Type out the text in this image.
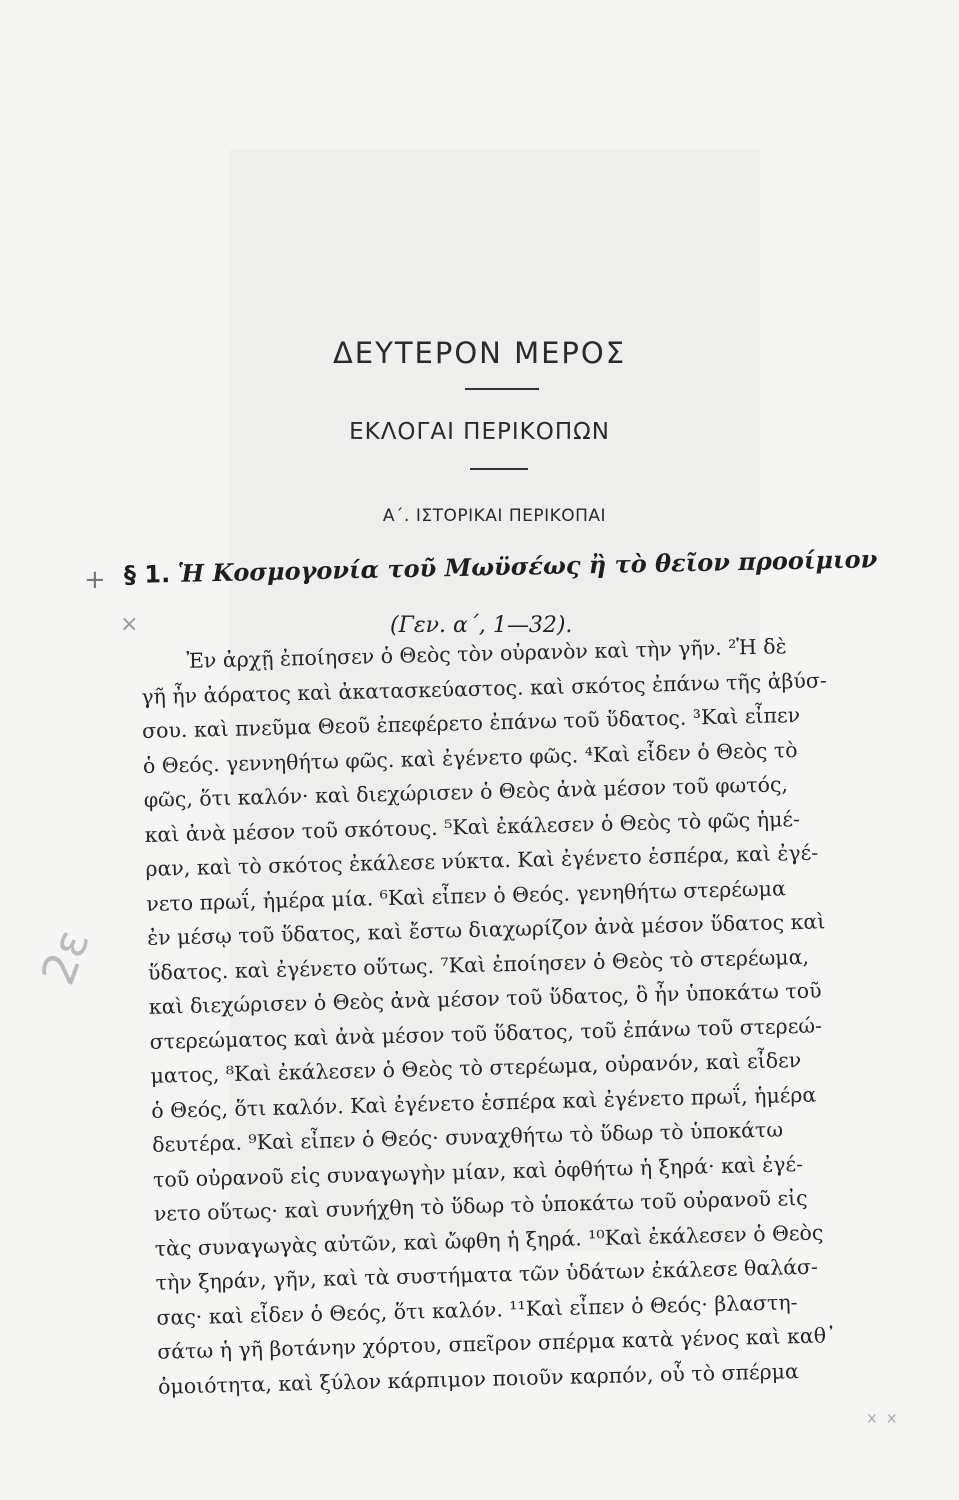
ΔΕΥΤΕΡΟΝ ΜΕΡΟΣ
ΕΚΛΟΓΑΙ ΠΕΡΙΚΟΠΩΝ
Α΄. ΙΣΤΟΡΙΚΑΙ ΠΕΡΙΚΟΠΑΙ
+
×
2ε
ˣ ˣ
§ 1. Ἡ Κοσμογονία τοῦ Μωϋσέως ἢ τὸ θεῖον προοίμιον
(Γεν. α΄, 1—32).
Ἐν ἀρχῇ ἐποίησεν ὁ Θεὸς τὸν οὐρανὸν καὶ τὴν γῆν. ²Ἡ δὲ
γῆ ἦν ἀόρατος καὶ ἀκατασκεύαστος. καὶ σκότος ἐπάνω τῆς ἀβύσ-
σου. καὶ πνεῦμα Θεοῦ ἐπεφέρετο ἐπάνω τοῦ ὕδατος. ³Καὶ εἶπεν
ὁ Θεός. γεννηθήτω φῶς. καὶ ἐγένετο φῶς. ⁴Καὶ εἶδεν ὁ Θεὸς τὸ
φῶς, ὅτι καλόν· καὶ διεχώρισεν ὁ Θεὸς ἀνὰ μέσον τοῦ φωτός,
καὶ ἀνὰ μέσον τοῦ σκότους. ⁵Καὶ ἐκάλεσεν ὁ Θεὸς τὸ φῶς ἡμέ-
ραν, καὶ τὸ σκότος ἐκάλεσε νύκτα. Καὶ ἐγένετο ἑσπέρα, καὶ ἐγέ-
νετο πρωΐ, ἡμέρα μία. ⁶Καὶ εἶπεν ὁ Θεός. γενηθήτω στερέωμα
ἐν μέσῳ τοῦ ὕδατος, καὶ ἔστω διαχωρίζον ἀνὰ μέσον ὕδατος καὶ
ὕδατος. καὶ ἐγένετο οὕτως. ⁷Καὶ ἐποίησεν ὁ Θεὸς τὸ στερέωμα,
καὶ διεχώρισεν ὁ Θεὸς ἀνὰ μέσον τοῦ ὕδατος, ὃ ἦν ὑποκάτω τοῦ
στερεώματος καὶ ἀνὰ μέσον τοῦ ὕδατος, τοῦ ἐπάνω τοῦ στερεώ-
ματος, ⁸Καὶ ἐκάλεσεν ὁ Θεὸς τὸ στερέωμα, οὐρανόν, καὶ εἶδεν
ὁ Θεός, ὅτι καλόν. Καὶ ἐγένετο ἑσπέρα καὶ ἐγένετο πρωΐ, ἡμέρα
δευτέρα. ⁹Καὶ εἶπεν ὁ Θεός· συναχθήτω τὸ ὕδωρ τὸ ὑποκάτω
τοῦ οὐρανοῦ εἰς συναγωγὴν μίαν, καὶ ὀφθήτω ἡ ξηρά· καὶ ἐγέ-
νετο οὕτως· καὶ συνήχθη τὸ ὕδωρ τὸ ὑποκάτω τοῦ οὐρανοῦ εἰς
τὰς συναγωγὰς αὐτῶν, καὶ ὤφθη ἡ ξηρά. ¹⁰Καὶ ἐκάλεσεν ὁ Θεὸς
τὴν ξηράν, γῆν, καὶ τὰ συστήματα τῶν ὑδάτων ἐκάλεσε θαλάσ-
σας· καὶ εἶδεν ὁ Θεός, ὅτι καλόν. ¹¹Καὶ εἶπεν ὁ Θεός· βλαστη-
σάτω ἡ γῆ βοτάνην χόρτου, σπεῖρον σπέρμα κατὰ γένος καὶ καθ᾽
ὁμοιότητα, καὶ ξύλον κάρπιμον ποιοῦν καρπόν, οὗ τὸ σπέρμα
